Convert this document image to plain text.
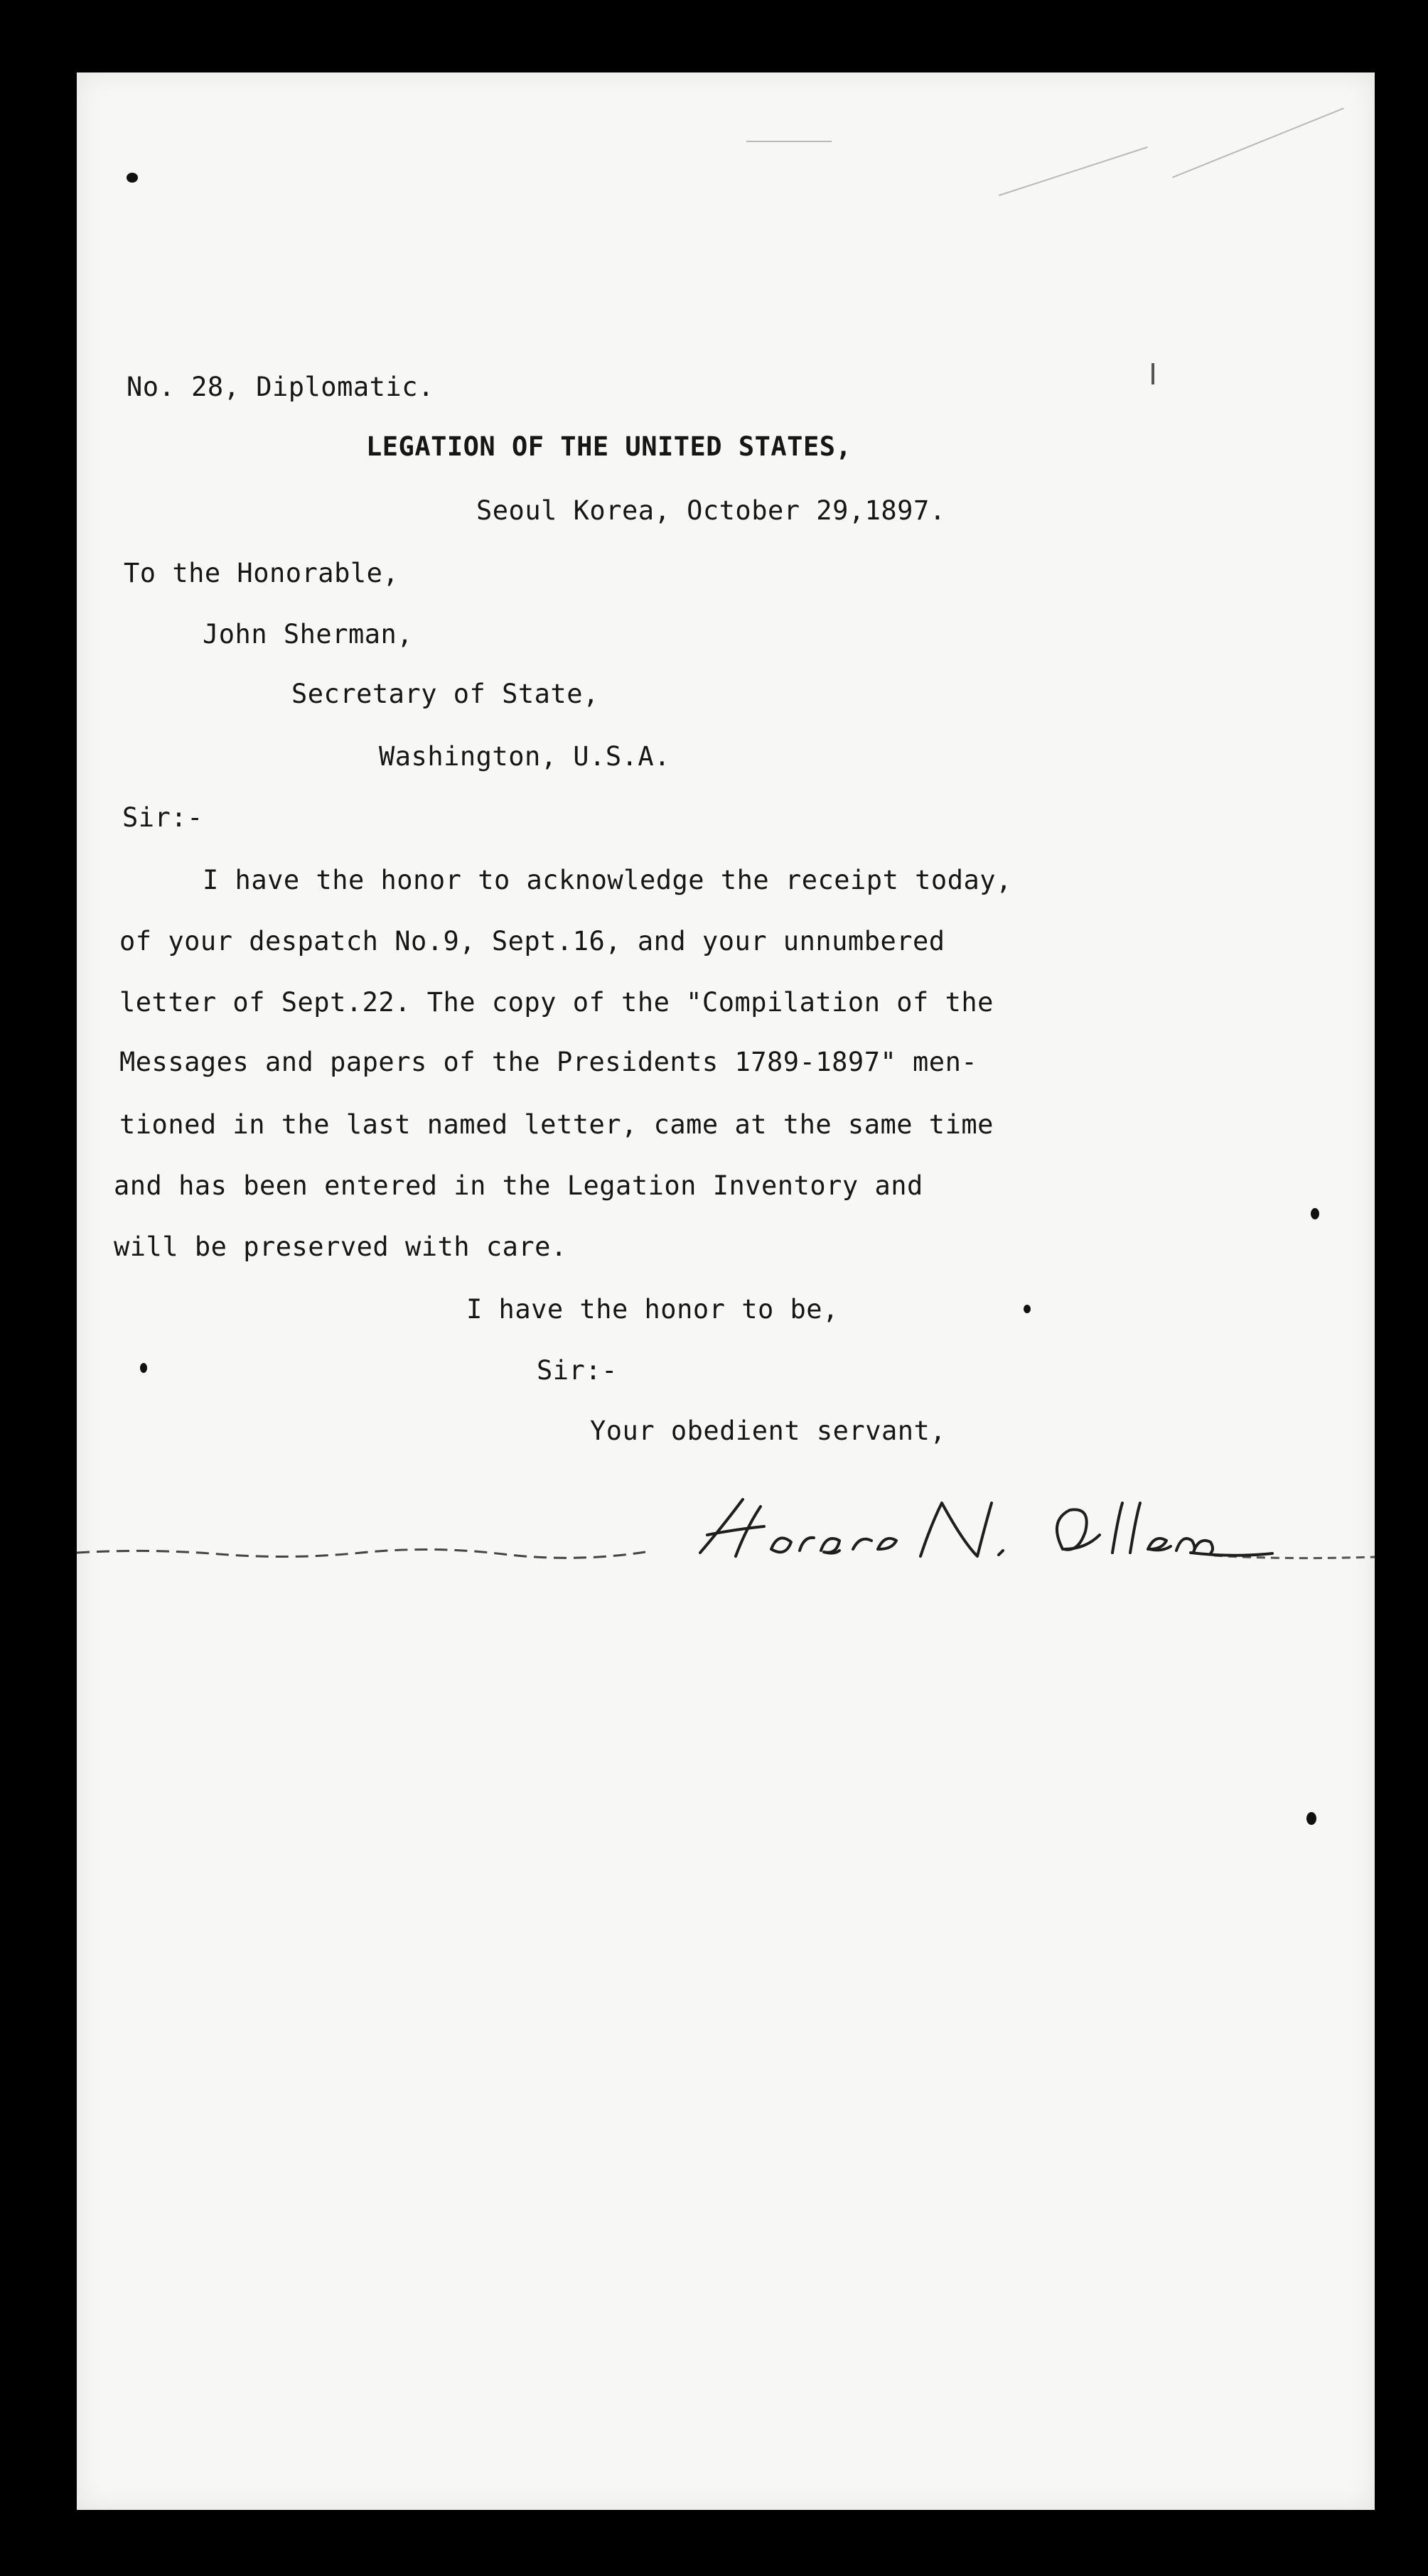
No. 28, Diplomatic.
LEGATION OF THE UNITED STATES,
Seoul Korea, October 29,1897.
To the Honorable,
John Sherman,
Secretary of State,
Washington, U.S.A.
Sir:-
I have the honor to acknowledge the receipt today,
of your despatch No.9, Sept.16, and your unnumbered
letter of Sept.22. The copy of the "Compilation of the
Messages and papers of the Presidents 1789-1897" men-
tioned in the last named letter, came at the same time
and has been entered in the Legation Inventory and
will be preserved with care.
I have the honor to be,
Sir:-
Your obedient servant,
